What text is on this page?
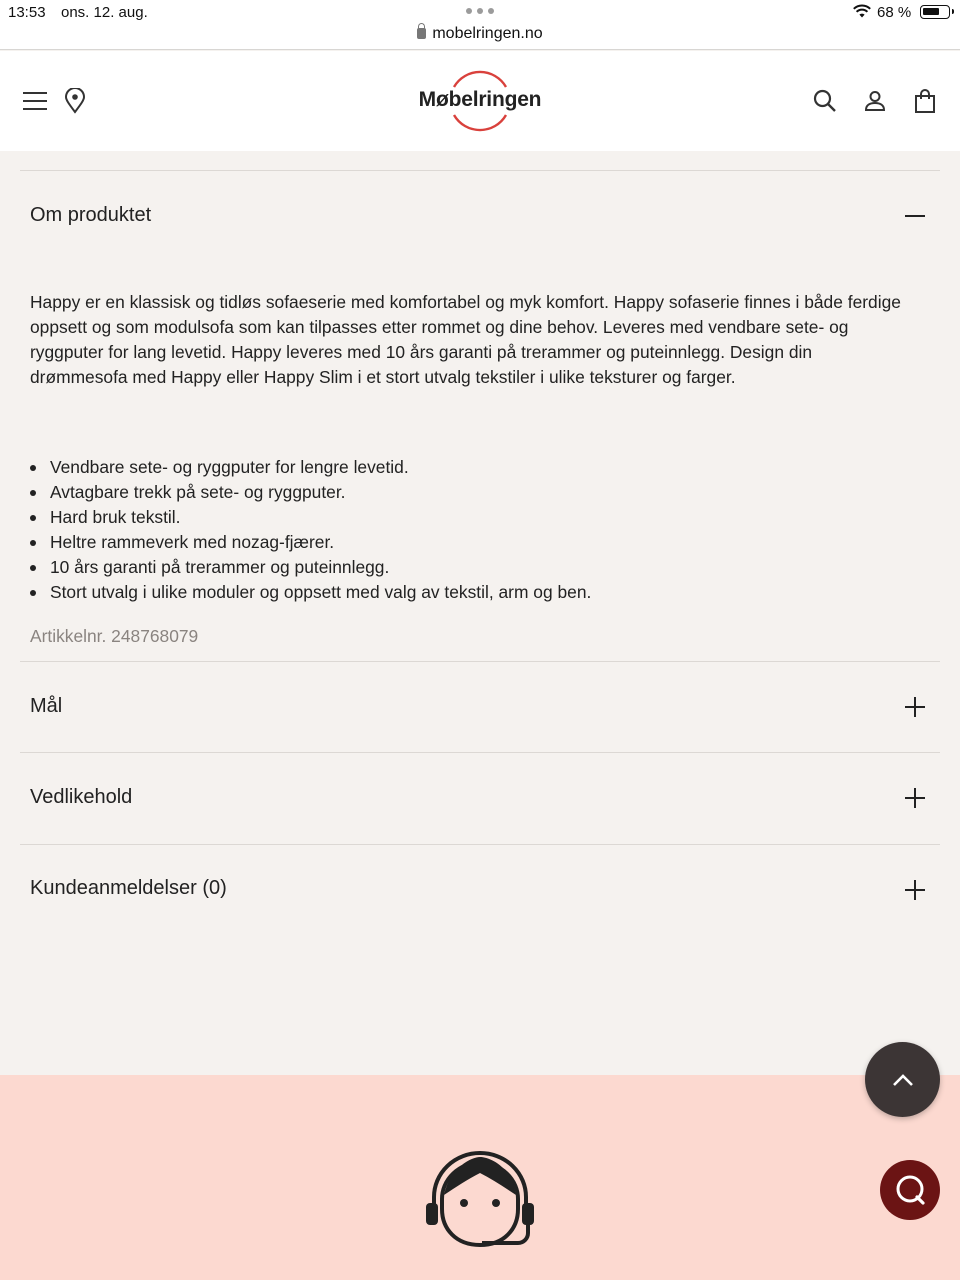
13:53 ons. 12. aug.
mobelringen.no
68 %
Møbelringen
Om produktet

Happy er en klassisk og tidløs sofaeserie med komfortabel og myk komfort. Happy sofaserie finnes i både ferdige oppsett og som modulsofa som kan tilpasses etter rommet og dine behov. Leveres med vendbare sete- og ryggputer for lang levetid. Happy leveres med 10 års garanti på trerammer og puteinnlegg. Design din drømmesofa med Happy eller Happy Slim i et stort utvalg tekstiler i ulike teksturer og farger.

Vendbare sete- og ryggputer for lengre levetid.
Avtagbare trekk på sete- og ryggputer.
Hard bruk tekstil.
Heltre rammeverk med nozag-fjærer.
10 års garanti på trerammer og puteinnlegg.
Stort utvalg i ulike moduler og oppsett med valg av tekstil, arm og ben.
Artikkelnr. 248768079
Mål
Vedlikehold
Kundeanmeldelser (0)
